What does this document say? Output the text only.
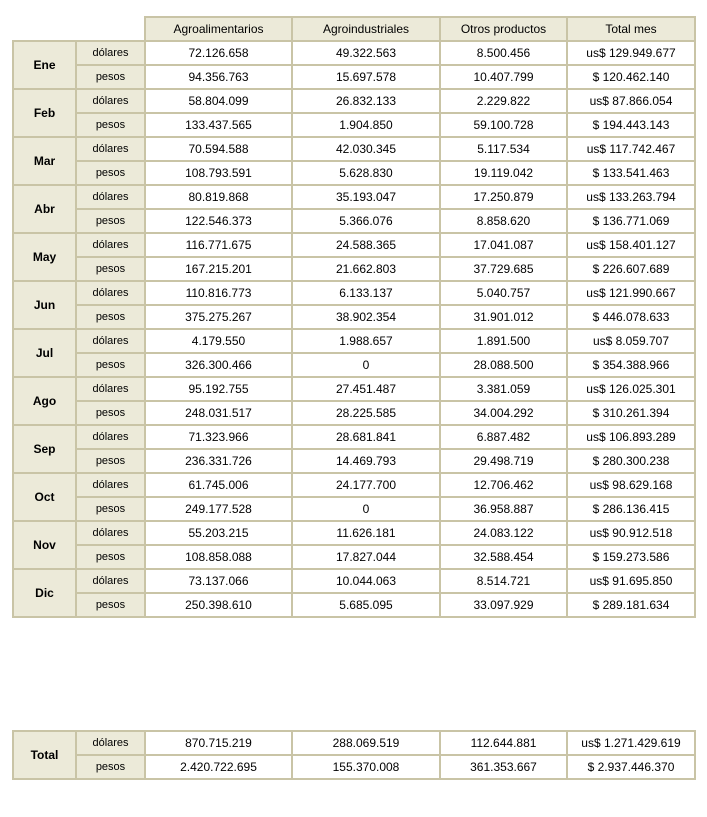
		Agroalimentarios	Agroindustriales	Otros productos	Total mes
Ene	dólares	72.126.658	49.322.563	8.500.456	us$ 129.949.677
	pesos	94.356.763	15.697.578	10.407.799	$ 120.462.140
Feb	dólares	58.804.099	26.832.133	2.229.822	us$ 87.866.054
	pesos	133.437.565	1.904.850	59.100.728	$ 194.443.143
Mar	dólares	70.594.588	42.030.345	5.117.534	us$ 117.742.467
	pesos	108.793.591	5.628.830	19.119.042	$ 133.541.463
Abr	dólares	80.819.868	35.193.047	17.250.879	us$ 133.263.794
	pesos	122.546.373	5.366.076	8.858.620	$ 136.771.069
May	dólares	116.771.675	24.588.365	17.041.087	us$ 158.401.127
	pesos	167.215.201	21.662.803	37.729.685	$ 226.607.689
Jun	dólares	110.816.773	6.133.137	5.040.757	us$ 121.990.667
	pesos	375.275.267	38.902.354	31.901.012	$ 446.078.633
Jul	dólares	4.179.550	1.988.657	1.891.500	us$ 8.059.707
	pesos	326.300.466	0	28.088.500	$ 354.388.966
Ago	dólares	95.192.755	27.451.487	3.381.059	us$ 126.025.301
	pesos	248.031.517	28.225.585	34.004.292	$ 310.261.394
Sep	dólares	71.323.966	28.681.841	6.887.482	us$ 106.893.289
	pesos	236.331.726	14.469.793	29.498.719	$ 280.300.238
Oct	dólares	61.745.006	24.177.700	12.706.462	us$ 98.629.168
	pesos	249.177.528	0	36.958.887	$ 286.136.415
Nov	dólares	55.203.215	11.626.181	24.083.122	us$ 90.912.518
	pesos	108.858.088	17.827.044	32.588.454	$ 159.273.586
Dic	dólares	73.137.066	10.044.063	8.514.721	us$ 91.695.850
	pesos	250.398.610	5.685.095	33.097.929	$ 289.181.634
Total	dólares	870.715.219	288.069.519	112.644.881	us$ 1.271.429.619
	pesos	2.420.722.695	155.370.008	361.353.667	$ 2.937.446.370
